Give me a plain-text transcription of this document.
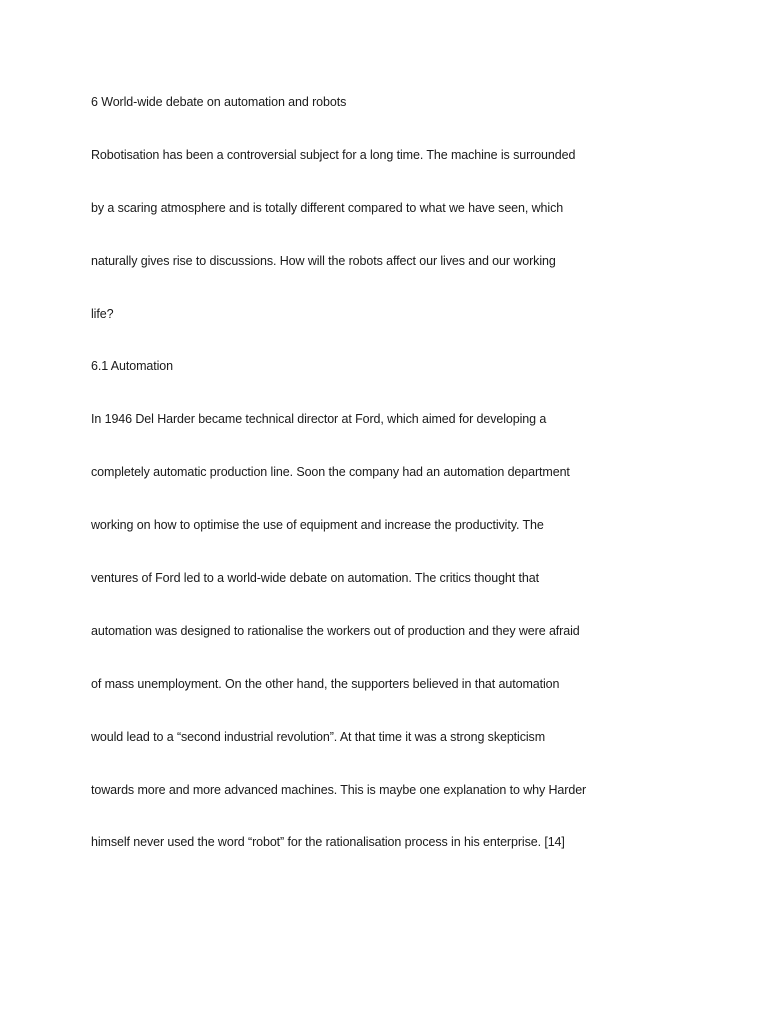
6 World-wide debate on automation and robots

Robotisation has been a controversial subject for a long time. The machine is surrounded

by a scaring atmosphere and is totally different compared to what we have seen, which

naturally gives rise to discussions. How will the robots affect our lives and our working

life?

6.1 Automation

In 1946 Del Harder became technical director at Ford, which aimed for developing a

completely automatic production line. Soon the company had an automation department

working on how to optimise the use of equipment and increase the productivity. The

ventures of Ford led to a world-wide debate on automation. The critics thought that

automation was designed to rationalise the workers out of production and they were afraid

of mass unemployment. On the other hand, the supporters believed in that automation

would lead to a “second industrial revolution”. At that time it was a strong skepticism

towards more and more advanced machines. This is maybe one explanation to why Harder

himself never used the word “robot” for the rationalisation process in his enterprise. [14]
